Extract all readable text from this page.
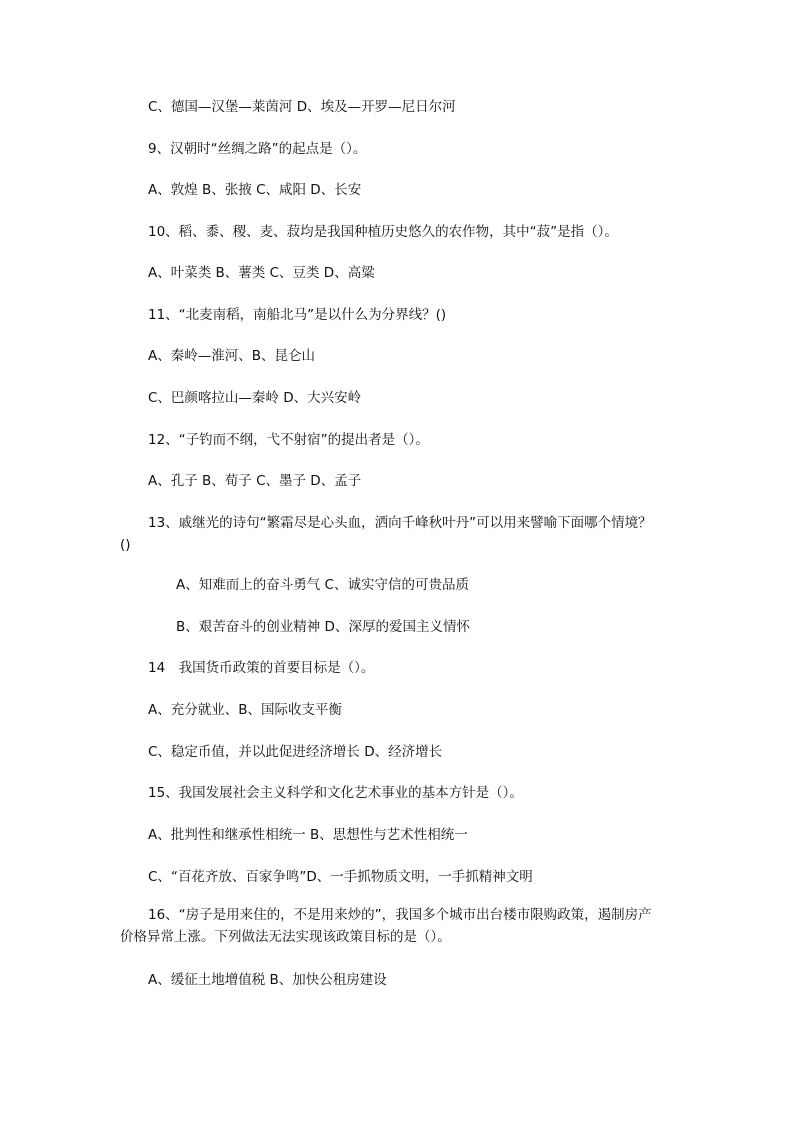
C、德国—汉堡—莱茵河 D、埃及—开罗—尼日尔河
9、汉朝时“丝绸之路”的起点是（）。
A、敦煌 B、张掖 C、咸阳 D、长安
10、稻、黍、稷、麦、菽均是我国种植历史悠久的农作物，其中“菽”是指（）。
A、叶菜类 B、薯类 C、豆类 D、高粱
11、“北麦南稻，南船北马”是以什么为分界线？()
A、秦岭—淮河、B、昆仑山
C、巴颜喀拉山—秦岭 D、大兴安岭
12、“子钓而不纲，弋不射宿”的提出者是（）。
A、孔子 B、荀子 C、墨子 D、孟子
13、戚继光的诗句“繁霜尽是心头血，洒向千峰秋叶丹”可以用来譬喻下面哪个情境？
()
A、知难而上的奋斗勇气 C、诚实守信的可贵品质
B、艰苦奋斗的创业精神 D、深厚的爱国主义情怀
14　我国货币政策的首要目标是（）。
A、充分就业、B、国际收支平衡
C、稳定币值，并以此促进经济增长 D、经济增长
15、我国发展社会主义科学和文化艺术事业的基本方针是（）。
A、批判性和继承性相统一 B、思想性与艺术性相统一
C、“百花齐放、百家争鸣”D、一手抓物质文明，一手抓精神文明
16、“房子是用来住的，不是用来炒的”，我国多个城市出台楼市限购政策，遏制房产
价格异常上涨。下列做法无法实现该政策目标的是（）。
A、缓征土地增值税 B、加快公租房建设
